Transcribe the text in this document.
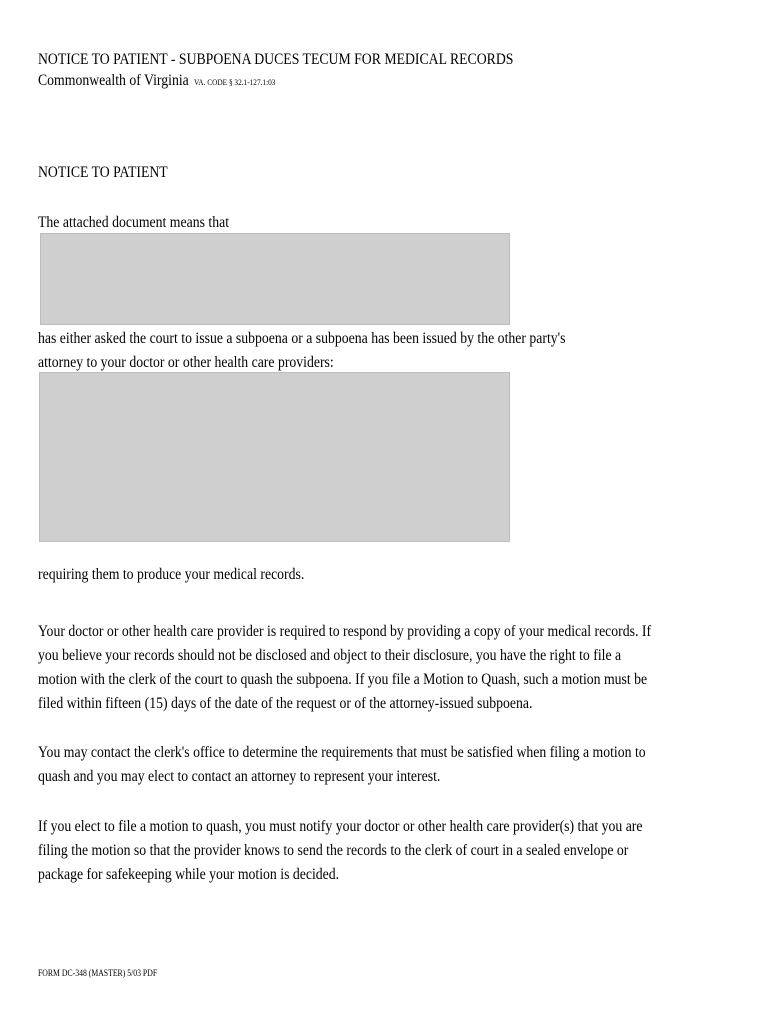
NOTICE TO PATIENT - SUBPOENA DUCES TECUM FOR MEDICAL RECORDS
Commonwealth of Virginia VA. CODE § 32.1-127.1:03
NOTICE TO PATIENT
The attached document means that
has either asked the court to issue a subpoena or a subpoena has been issued by the other party's
attorney to your doctor or other health care providers:
requiring them to produce your medical records.
Your doctor or other health care provider is required to respond by providing a copy of your medical records. If
you believe your records should not be disclosed and object to their disclosure, you have the right to file a
motion with the clerk of the court to quash the subpoena. If you file a Motion to Quash, such a motion must be
filed within fifteen (15) days of the date of the request or of the attorney-issued subpoena.
You may contact the clerk's office to determine the requirements that must be satisfied when filing a motion to
quash and you may elect to contact an attorney to represent your interest.
If you elect to file a motion to quash, you must notify your doctor or other health care provider(s) that you are
filing the motion so that the provider knows to send the records to the clerk of court in a sealed envelope or
package for safekeeping while your motion is decided.
FORM DC-348 (MASTER) 5/03 PDF
